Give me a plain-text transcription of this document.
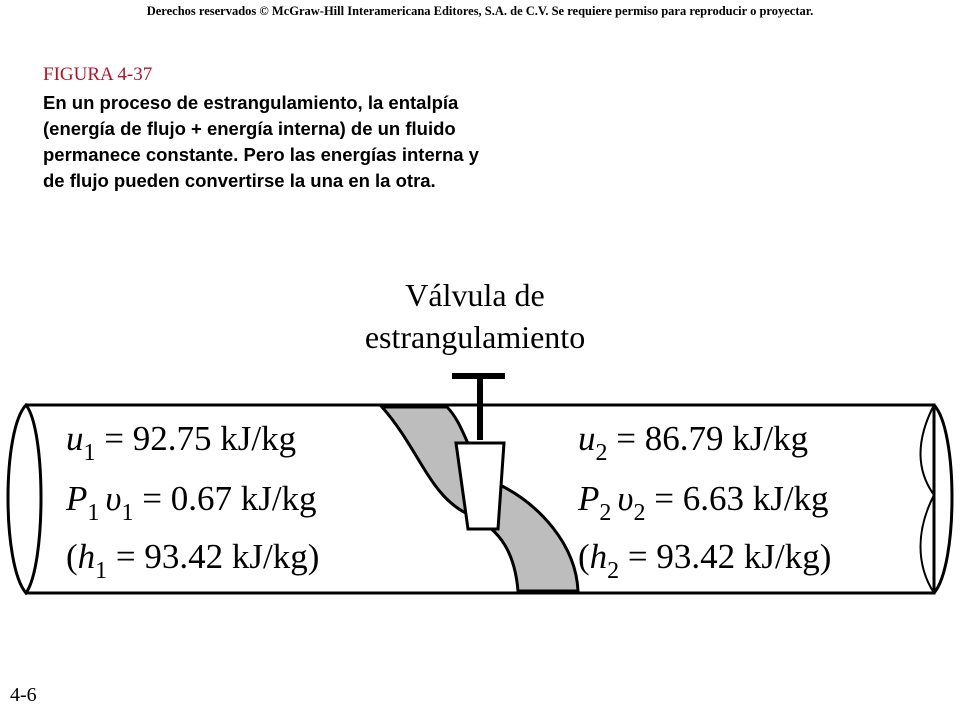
Derechos reservados © McGraw-Hill Interamericana Editores, S.A. de C.V. Se requiere permiso para reproducir o proyectar.
FIGURA 4-37
En un proceso de estrangulamiento, la entalpía (energía de flujo + energía interna) de un fluido permanece constante. Pero las energías interna y de flujo pueden convertirse la una en la otra.
Válvula de
estrangulamiento
$u_1 = 92.75$ kJ/kg
$P_1$ $\upsilon_1 = 0.67$ kJ/kg
($h_1 = 93.42$ kJ/kg)
$u_2 = 86.79$ kJ/kg
$P_2$ $\upsilon_2 = 6.63$ kJ/kg
($h_2 = 93.42$ kJ/kg)
4-6
